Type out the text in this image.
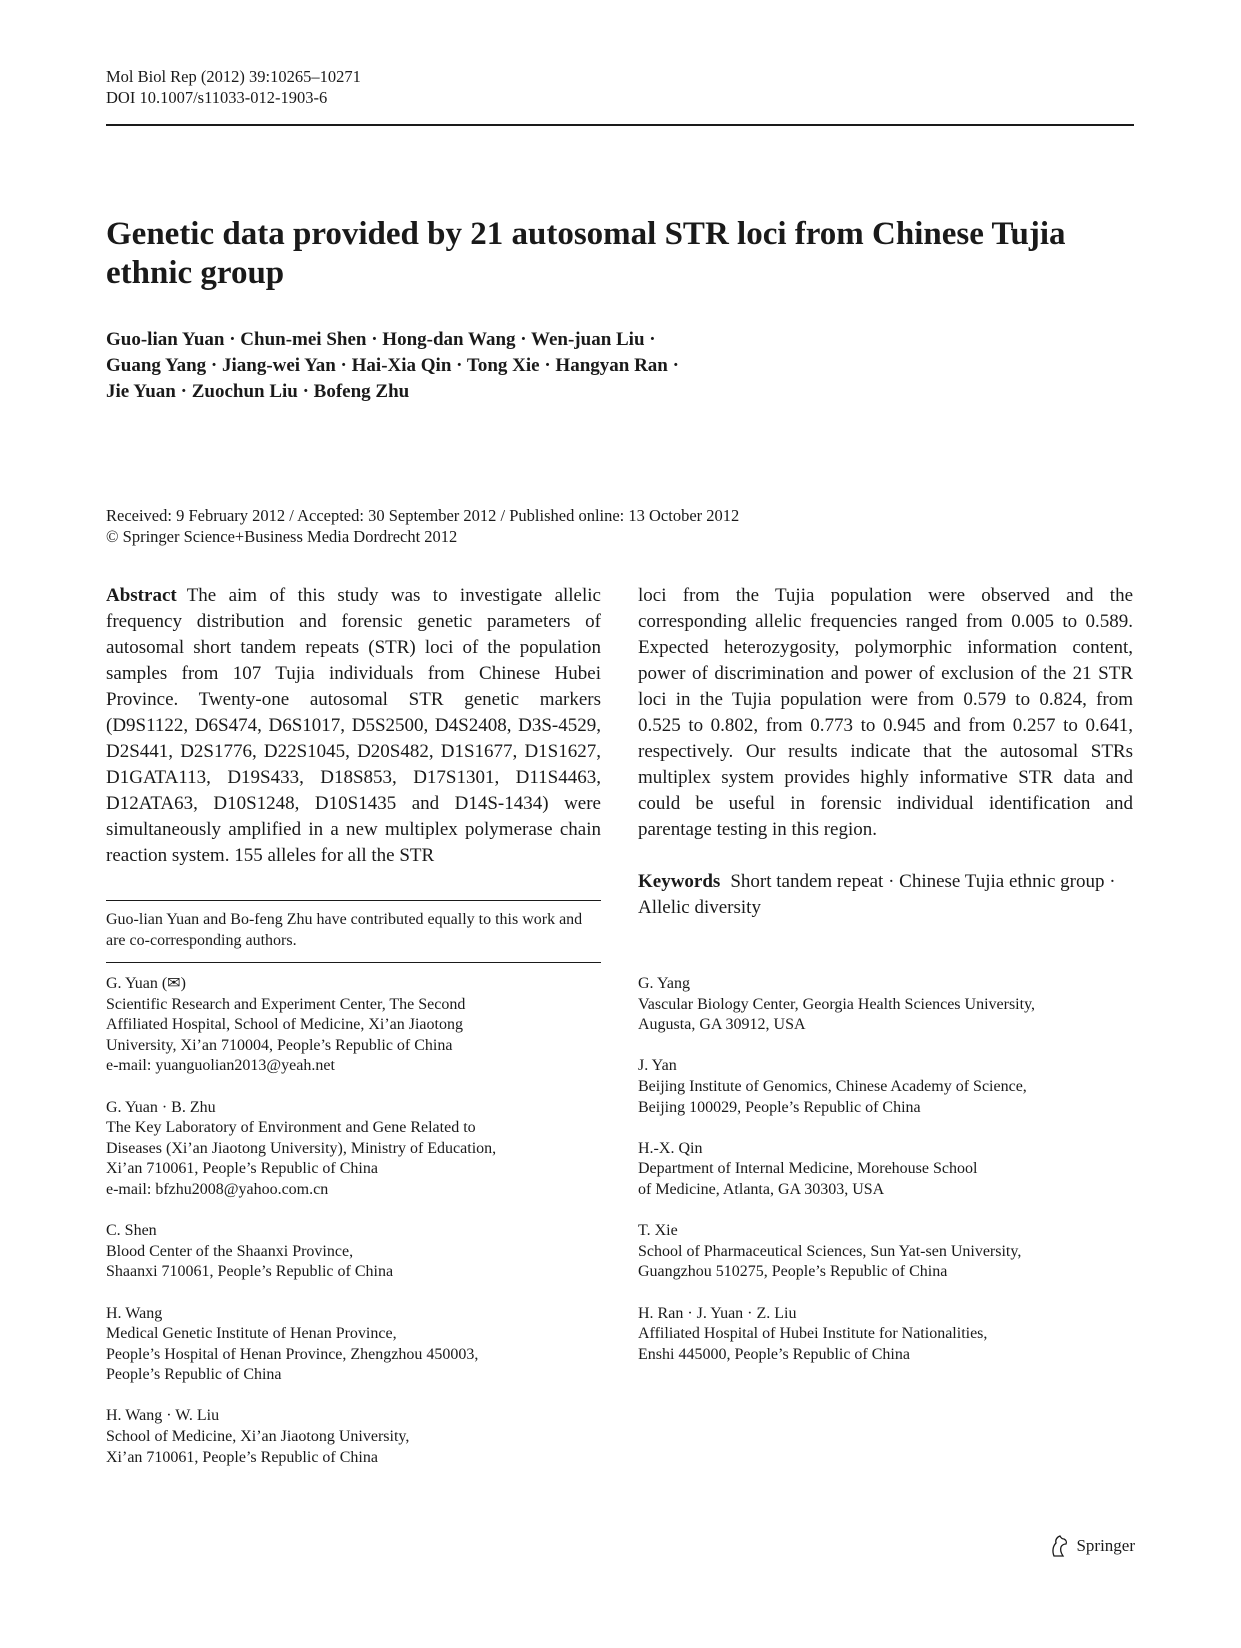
Mol Biol Rep (2012) 39:10265–10271
DOI 10.1007/s11033-012-1903-6
Genetic data provided by 21 autosomal STR loci from Chinese Tujia ethnic group
Guo-lian Yuan · Chun-mei Shen · Hong-dan Wang · Wen-juan Liu ·
Guang Yang · Jiang-wei Yan · Hai-Xia Qin · Tong Xie · Hangyan Ran ·
Jie Yuan · Zuochun Liu · Bofeng Zhu
Received: 9 February 2012 / Accepted: 30 September 2012 / Published online: 13 October 2012
© Springer Science+Business Media Dordrecht 2012
Abstract The aim of this study was to investigate allelic frequency distribution and forensic genetic parameters of autosomal short tandem repeats (STR) loci of the population samples from 107 Tujia individuals from Chinese Hubei Province. Twenty-one autosomal STR genetic markers (D9S1122, D6S474, D6S1017, D5S2500, D4S2408, D3S-4529, D2S441, D2S1776, D22S1045, D20S482, D1S1677, D1S1627, D1GATA113, D19S433, D18S853, D17S1301, D11S4463, D12ATA63, D10S1248, D10S1435 and D14S-1434) were simultaneously amplified in a new multiplex polymerase chain reaction system. 155 alleles for all the STR
loci from the Tujia population were observed and the corresponding allelic frequencies ranged from 0.005 to 0.589. Expected heterozygosity, polymorphic information content, power of discrimination and power of exclusion of the 21 STR loci in the Tujia population were from 0.579 to 0.824, from 0.525 to 0.802, from 0.773 to 0.945 and from 0.257 to 0.641, respectively. Our results indicate that the autosomal STRs multiplex system provides highly informative STR data and could be useful in forensic individual identification and parentage testing in this region.
Keywords Short tandem repeat · Chinese Tujia ethnic group · Allelic diversity
Guo-lian Yuan and Bo-feng Zhu have contributed equally to this work and are co-corresponding authors.
G. Yuan (✉)
Scientific Research and Experiment Center, The Second
Affiliated Hospital, School of Medicine, Xi’an Jiaotong
University, Xi’an 710004, People’s Republic of China
e-mail: yuanguolian2013@yeah.net
G. Yuan · B. Zhu
The Key Laboratory of Environment and Gene Related to
Diseases (Xi’an Jiaotong University), Ministry of Education,
Xi’an 710061, People’s Republic of China
e-mail: bfzhu2008@yahoo.com.cn
C. Shen
Blood Center of the Shaanxi Province,
Shaanxi 710061, People’s Republic of China
H. Wang
Medical Genetic Institute of Henan Province,
People’s Hospital of Henan Province, Zhengzhou 450003,
People’s Republic of China
H. Wang · W. Liu
School of Medicine, Xi’an Jiaotong University,
Xi’an 710061, People’s Republic of China
G. Yang
Vascular Biology Center, Georgia Health Sciences University,
Augusta, GA 30912, USA
J. Yan
Beijing Institute of Genomics, Chinese Academy of Science,
Beijing 100029, People’s Republic of China
H.-X. Qin
Department of Internal Medicine, Morehouse School
of Medicine, Atlanta, GA 30303, USA
T. Xie
School of Pharmaceutical Sciences, Sun Yat-sen University,
Guangzhou 510275, People’s Republic of China
H. Ran · J. Yuan · Z. Liu
Affiliated Hospital of Hubei Institute for Nationalities,
Enshi 445000, People’s Republic of China
Springer
